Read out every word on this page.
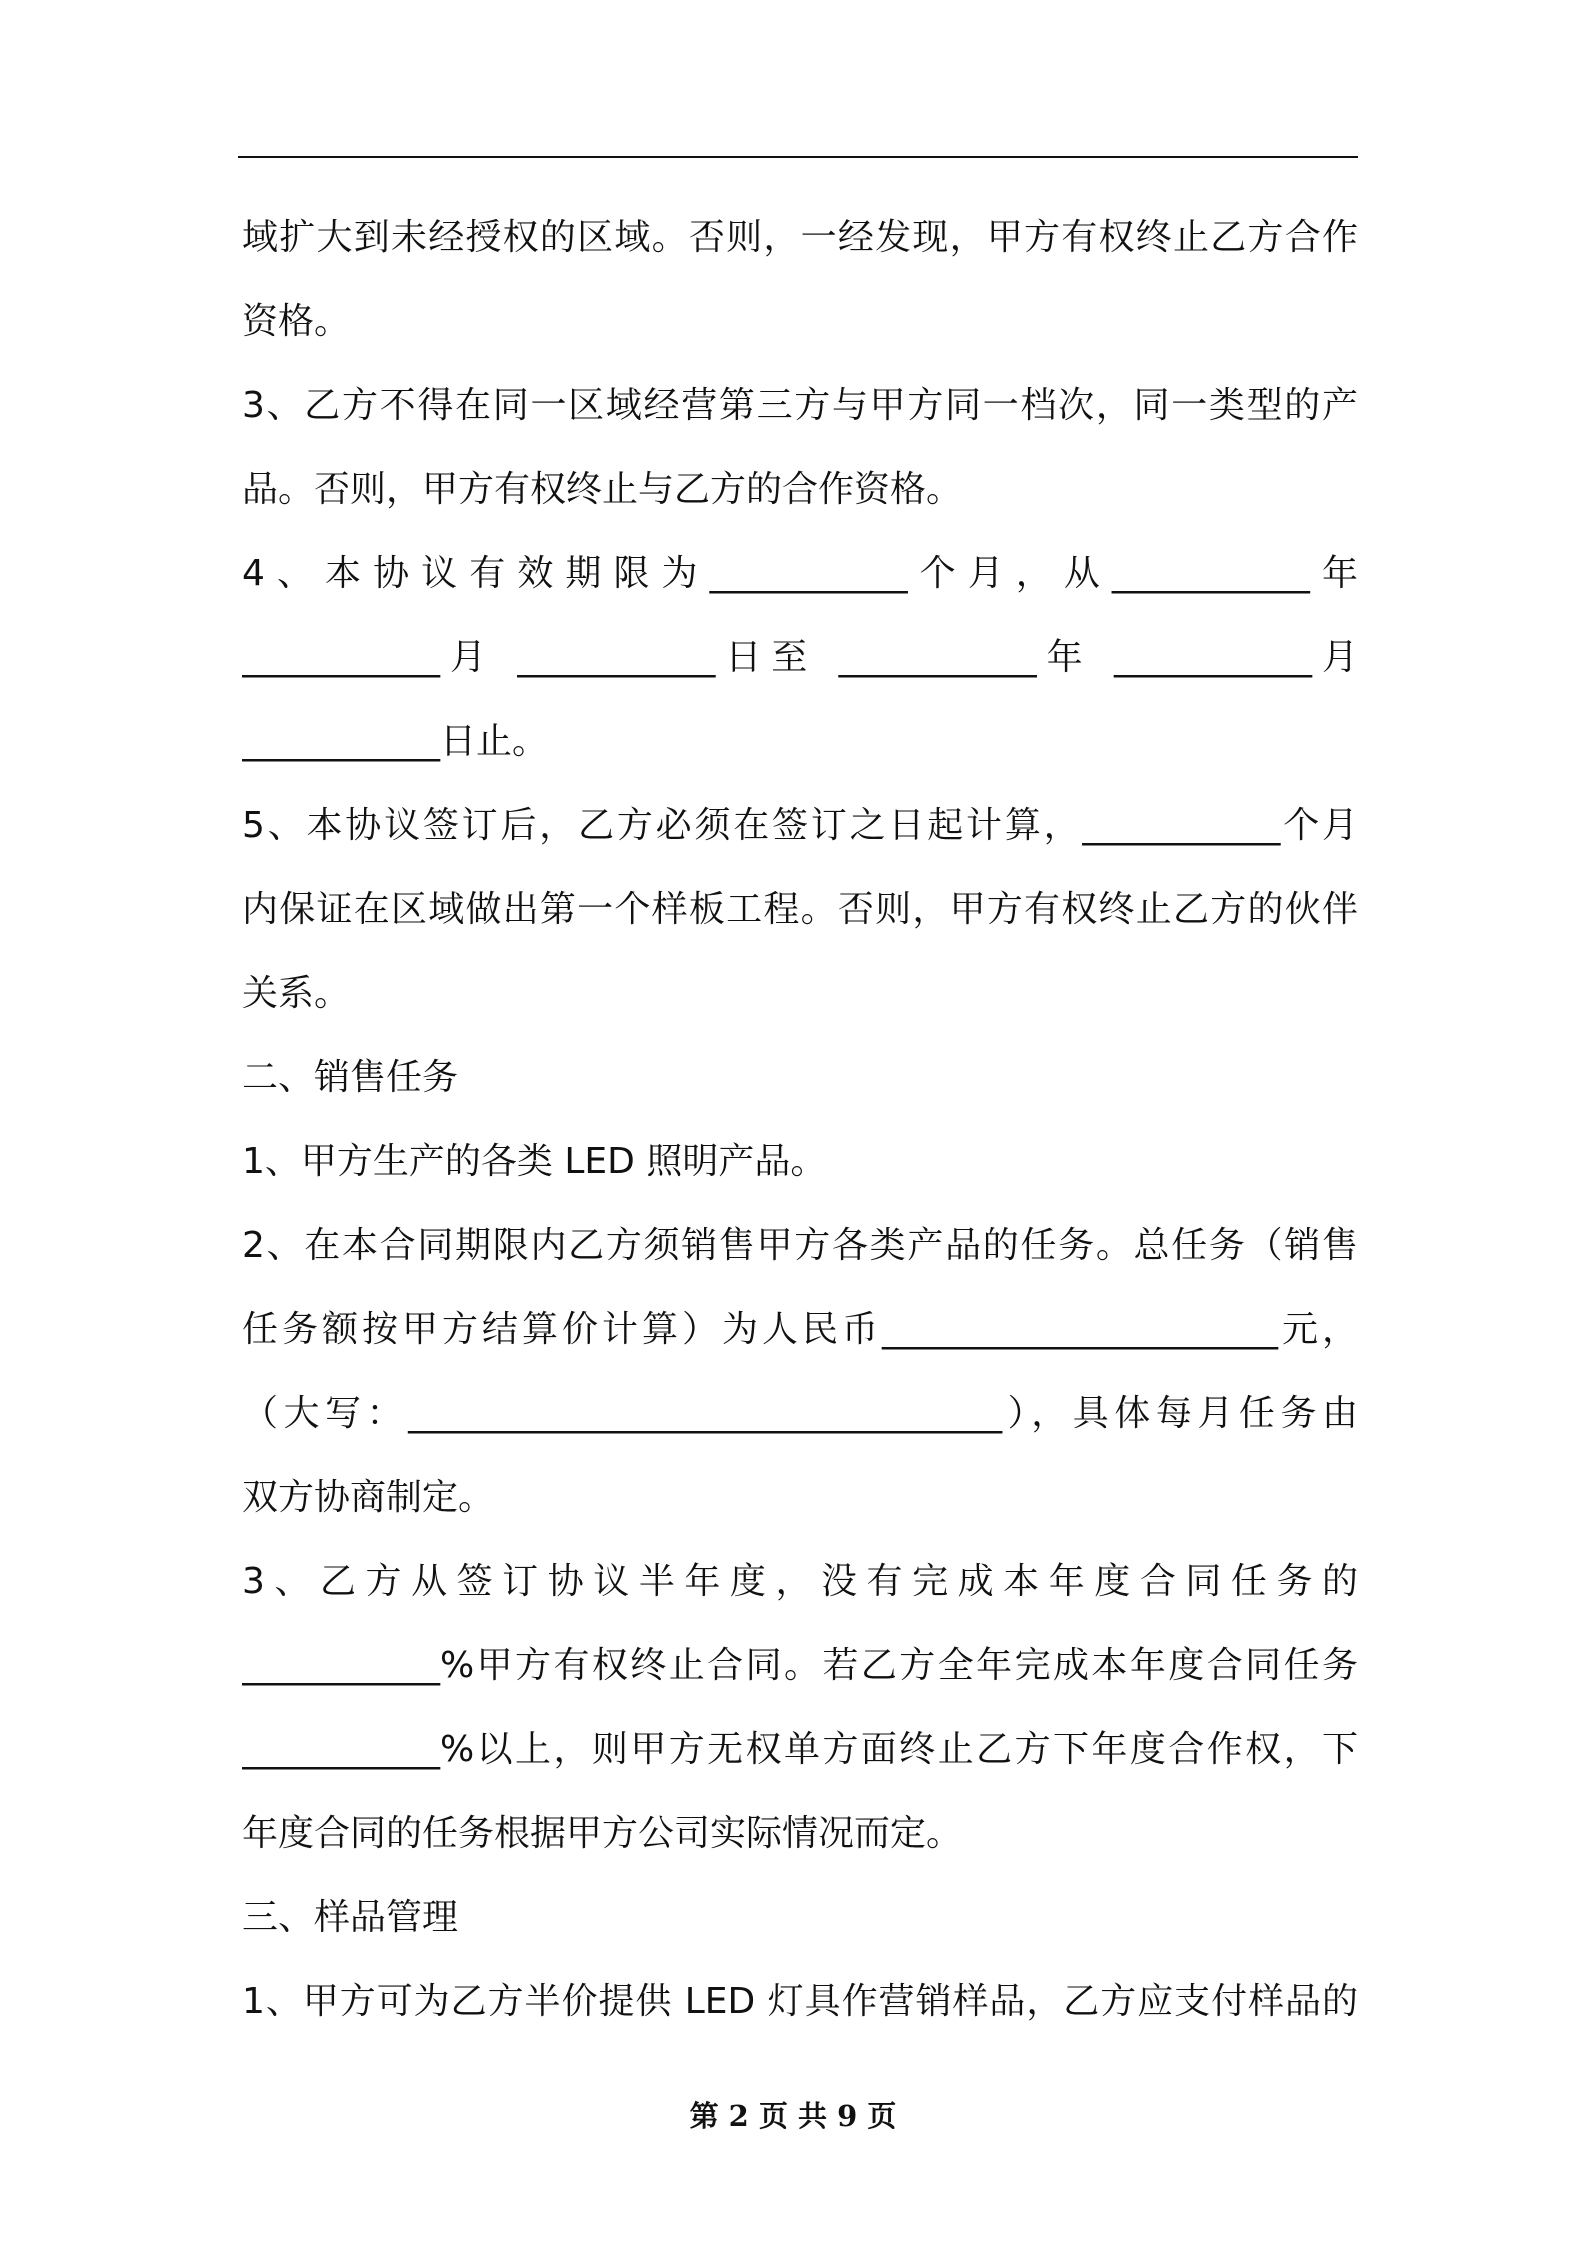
域扩大到未经授权的区域。否则，一经发现，甲方有权终止乙方合作
资格。
3、乙方不得在同一区域经营第三方与甲方同一档次，同一类型的产
品。否则，甲方有权终止与乙方的合作资格。
4、本协议有效期限为___________个月，从___________年
___________月 ___________日至 ___________年 ___________月
___________日止。
5、本协议签订后，乙方必须在签订之日起计算，___________个月
内保证在区域做出第一个样板工程。否则，甲方有权终止乙方的伙伴
关系。
二、销售任务
1、甲方生产的各类 LED 照明产品。
2、在本合同期限内乙方须销售甲方各类产品的任务。总任务（销售
任务额按甲方结算价计算）为人民币______________________元，
（大写：_________________________________），具体每月任务由
双方协商制定。
3、乙方从签订协议半年度，没有完成本年度合同任务的
___________%甲方有权终止合同。若乙方全年完成本年度合同任务
___________%以上，则甲方无权单方面终止乙方下年度合作权，下
年度合同的任务根据甲方公司实际情况而定。
三、样品管理
1、甲方可为乙方半价提供 LED 灯具作营销样品，乙方应支付样品的
第 2 页 共 9 页
